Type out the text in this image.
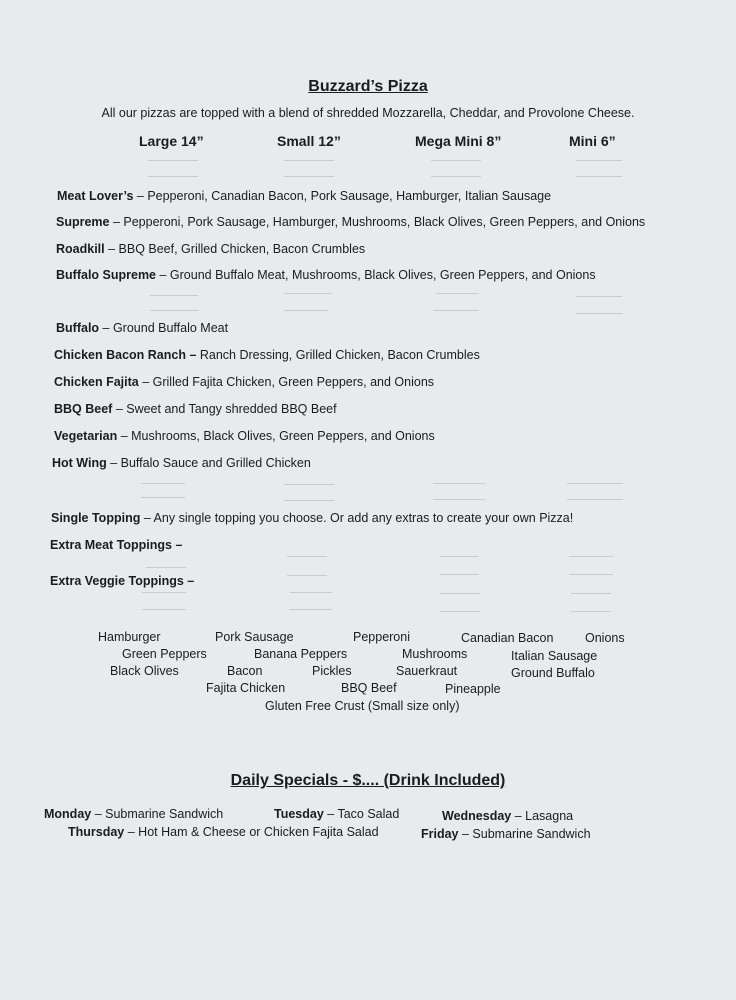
Buzzard’s Pizza
All our pizzas are topped with a blend of shredded Mozzarella, Cheddar, and Provolone Cheese.
Large 14”	Small 12”	Mega Mini 8”	Mini 6”
Meat Lover’s – Pepperoni, Canadian Bacon, Pork Sausage, Hamburger, Italian Sausage
Supreme – Pepperoni, Pork Sausage, Hamburger, Mushrooms, Black Olives, Green Peppers, and Onions
Roadkill – BBQ Beef, Grilled Chicken, Bacon Crumbles
Buffalo Supreme – Ground Buffalo Meat, Mushrooms, Black Olives, Green Peppers, and Onions
Buffalo – Ground Buffalo Meat
Chicken Bacon Ranch – Ranch Dressing, Grilled Chicken, Bacon Crumbles
Chicken Fajita – Grilled Fajita Chicken, Green Peppers, and Onions
BBQ Beef – Sweet and Tangy shredded BBQ Beef
Vegetarian – Mushrooms, Black Olives, Green Peppers, and Onions
Hot Wing – Buffalo Sauce and Grilled Chicken
Single Topping – Any single topping you choose. Or add any extras to create your own Pizza!
Extra Meat Toppings –
Extra Veggie Toppings –
Hamburger	Pork Sausage	Pepperoni	Canadian Bacon	Onions
Green Peppers	Banana Peppers	Mushrooms	Italian Sausage
Black Olives	Bacon	Pickles	Sauerkraut	Ground Buffalo
Fajita Chicken	BBQ Beef	Pineapple
Gluten Free Crust (Small size only)
Daily Specials - $.... (Drink Included)
Monday – Submarine Sandwich	Tuesday – Taco Salad	Wednesday – Lasagna
Thursday – Hot Ham & Cheese or Chicken Fajita Salad	Friday – Submarine Sandwich
